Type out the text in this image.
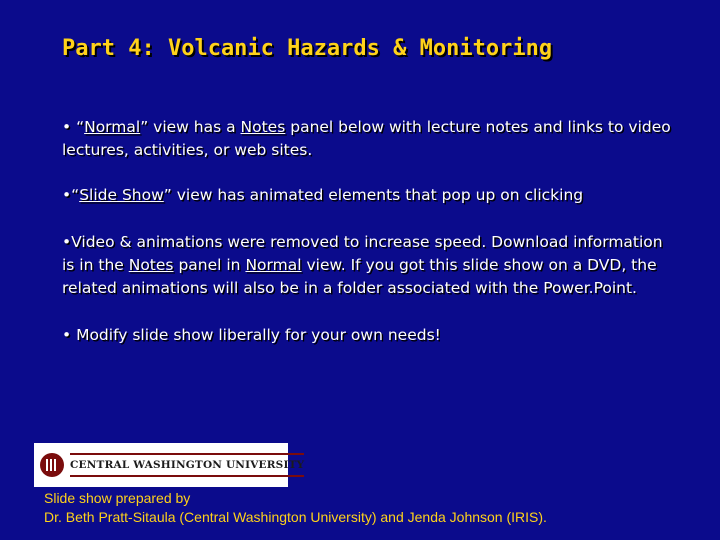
Part 4: Volcanic Hazards & Monitoring

• “Normal” view has a Notes panel below with lecture notes and links to video lectures, activities, or web sites.

•“Slide Show” view has animated elements that pop up on clicking

•Video & animations were removed to increase speed. Download information is in the Notes panel in Normal view. If you got this slide show on a DVD, the related animations will also be in a folder associated with the Power.Point.

• Modify slide show liberally for your own needs!

CENTRAL WASHINGTON UNIVERSITY
Slide show prepared by
Dr. Beth Pratt-Sitaula (Central Washington University) and Jenda Johnson (IRIS).
